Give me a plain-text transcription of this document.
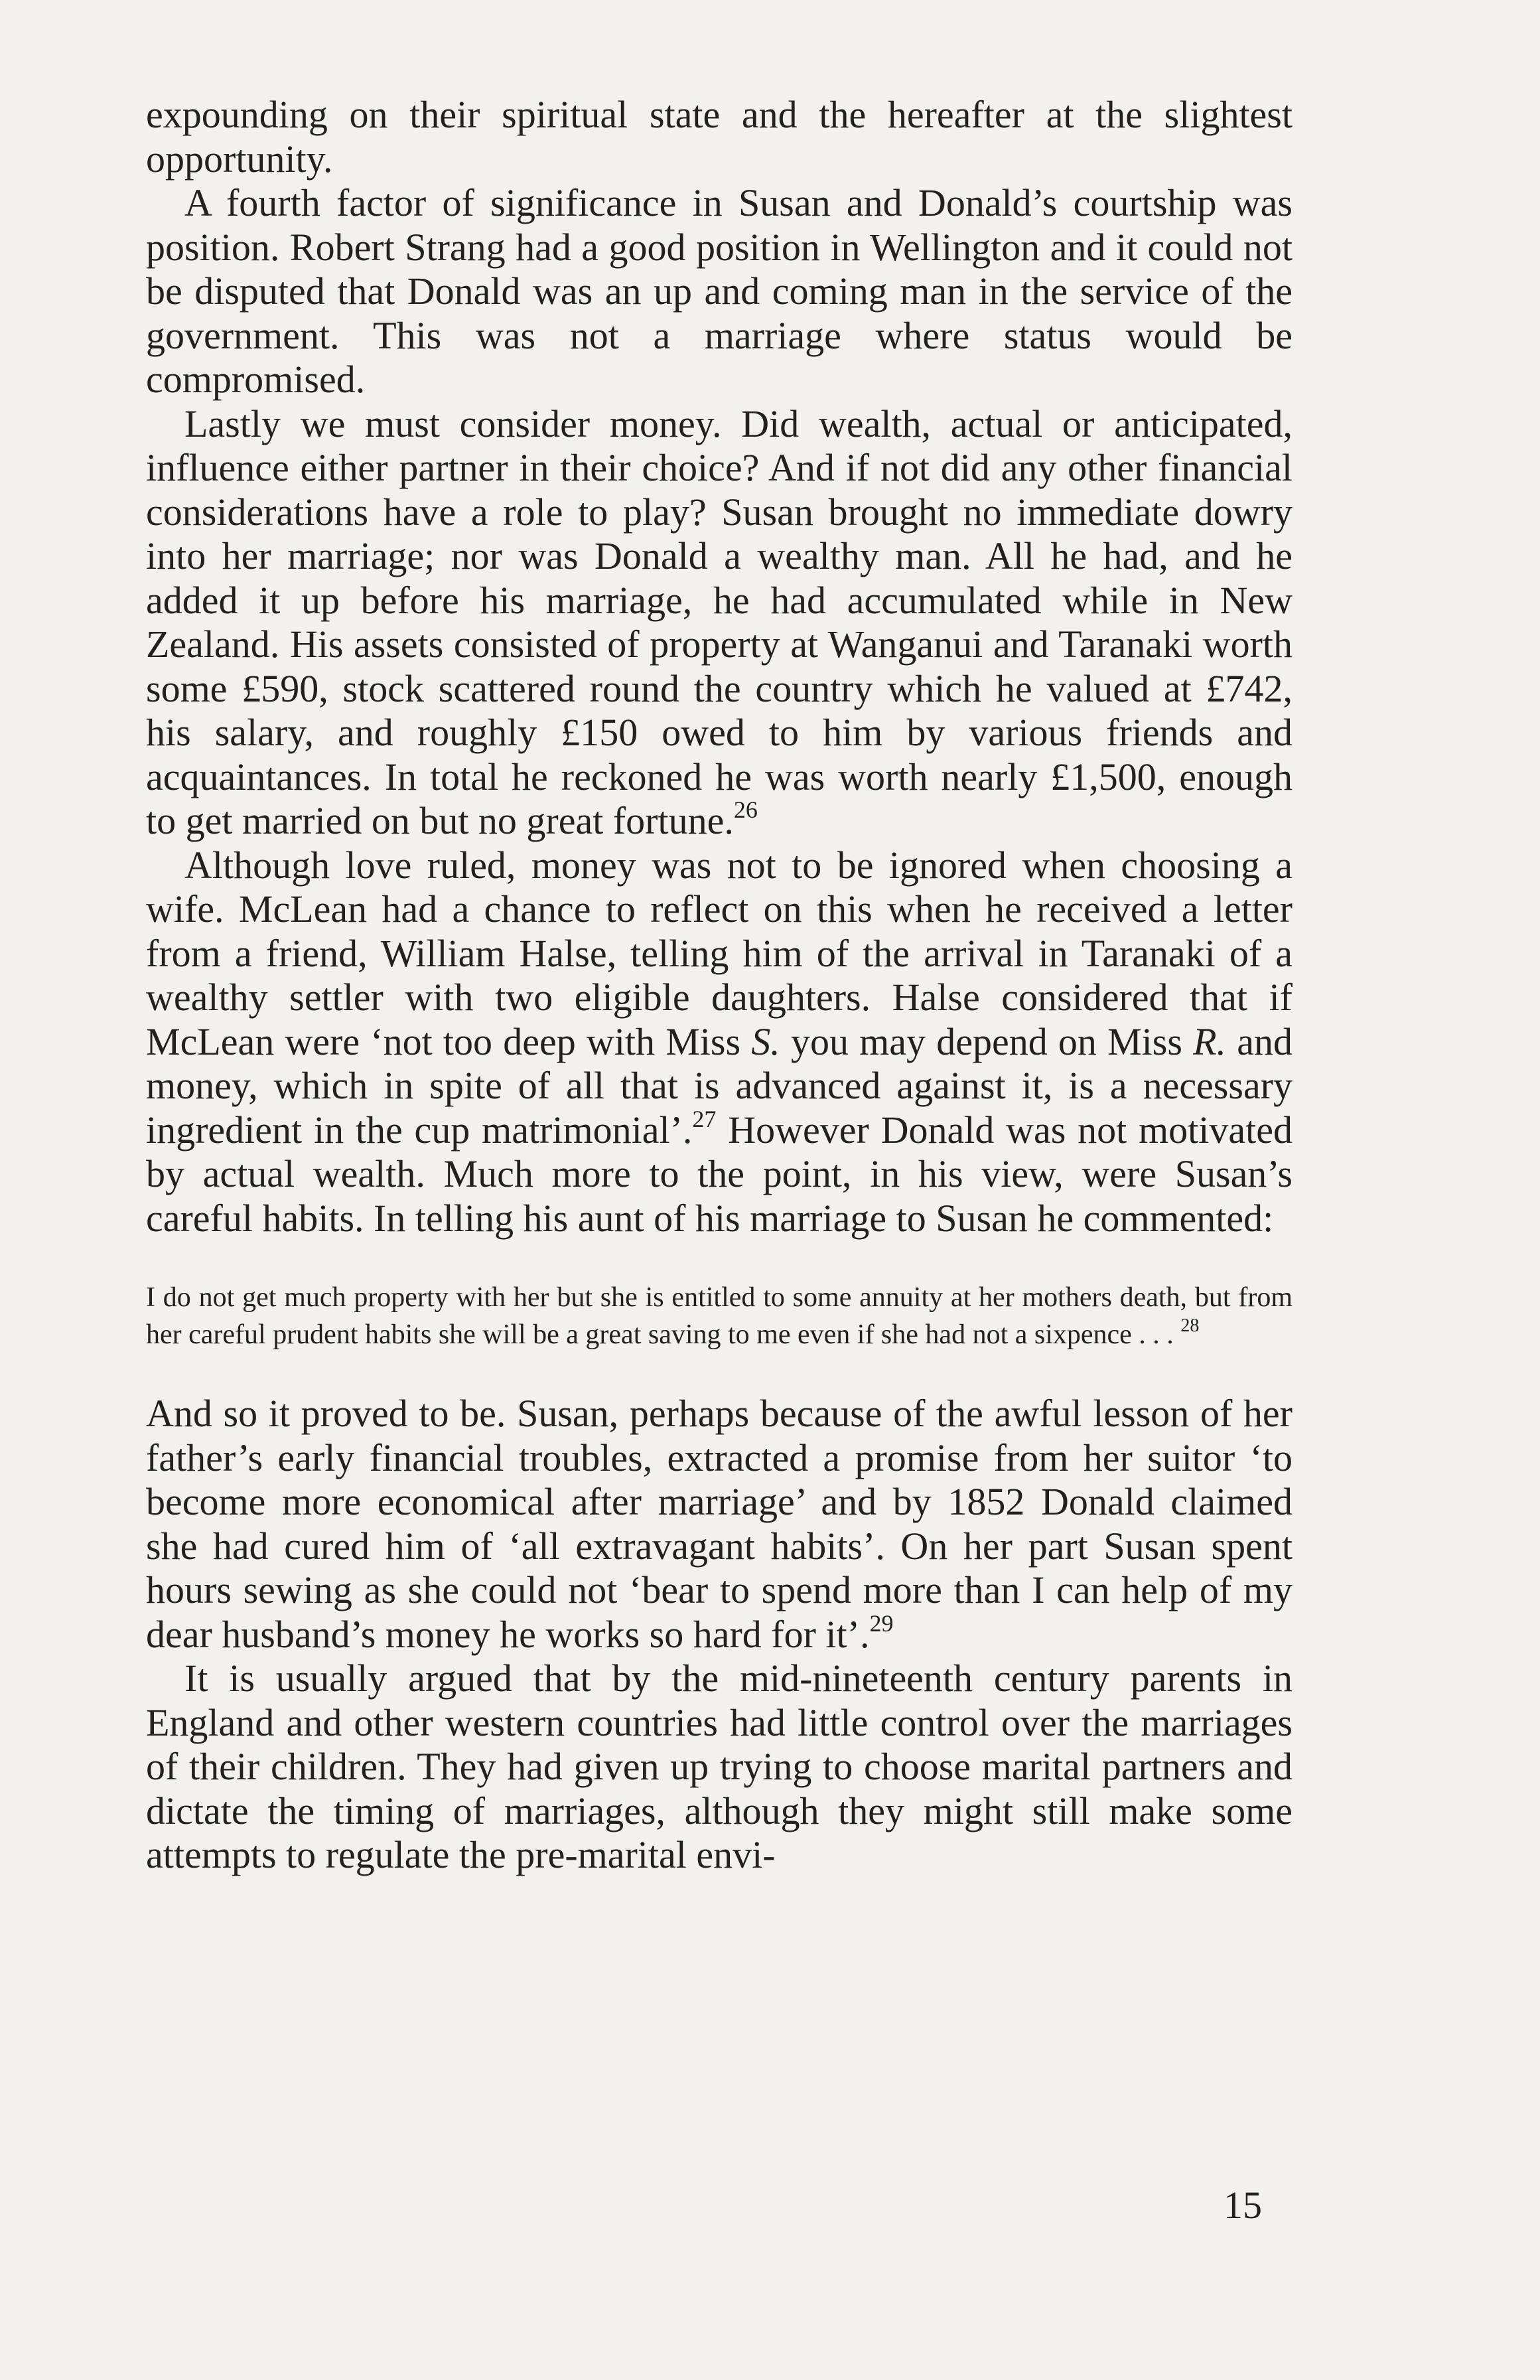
expounding on their spiritual state and the hereafter at the slightest opportunity.

A fourth factor of significance in Susan and Donald’s courtship was position. Robert Strang had a good position in Wellington and it could not be disputed that Donald was an up and coming man in the service of the government. This was not a marriage where status would be compromised.

Lastly we must consider money. Did wealth, actual or anticipated, influence either partner in their choice? And if not did any other financial considerations have a role to play? Susan brought no immediate dowry into her marriage; nor was Donald a wealthy man. All he had, and he added it up before his marriage, he had accumulated while in New Zealand. His assets consisted of property at Wanganui and Taranaki worth some £590, stock scattered round the country which he valued at £742, his salary, and roughly £150 owed to him by various friends and acquaintances. In total he reckoned he was worth nearly £1,500, enough to get married on but no great fortune.$^{26}$

Although love ruled, money was not to be ignored when choosing a wife. McLean had a chance to reflect on this when he received a letter from a friend, William Halse, telling him of the arrival in Taranaki of a wealthy settler with two eligible daughters. Halse considered that if McLean were ‘not too deep with Miss S. you may depend on Miss R. and money, which in spite of all that is advanced against it, is a necessary ingredient in the cup matrimonial’.$^{27}$ However Donald was not motivated by actual wealth. Much more to the point, in his view, were Susan’s careful habits. In telling his aunt of his marriage to Susan he commented:

I do not get much property with her but she is entitled to some annuity at her mothers death, but from her careful prudent habits she will be a great saving to me even if she had not a sixpence . . . $^{28}$

And so it proved to be. Susan, perhaps because of the awful lesson of her father’s early financial troubles, extracted a promise from her suitor ‘to become more economical after marriage’ and by 1852 Donald claimed she had cured him of ‘all extravagant habits’. On her part Susan spent hours sewing as she could not ‘bear to spend more than I can help of my dear husband’s money he works so hard for it’.$^{29}$

It is usually argued that by the mid-nineteenth century parents in England and other western countries had little control over the marriages of their children. They had given up trying to choose marital partners and dictate the timing of marriages, although they might still make some attempts to regulate the pre-marital envi-

15
